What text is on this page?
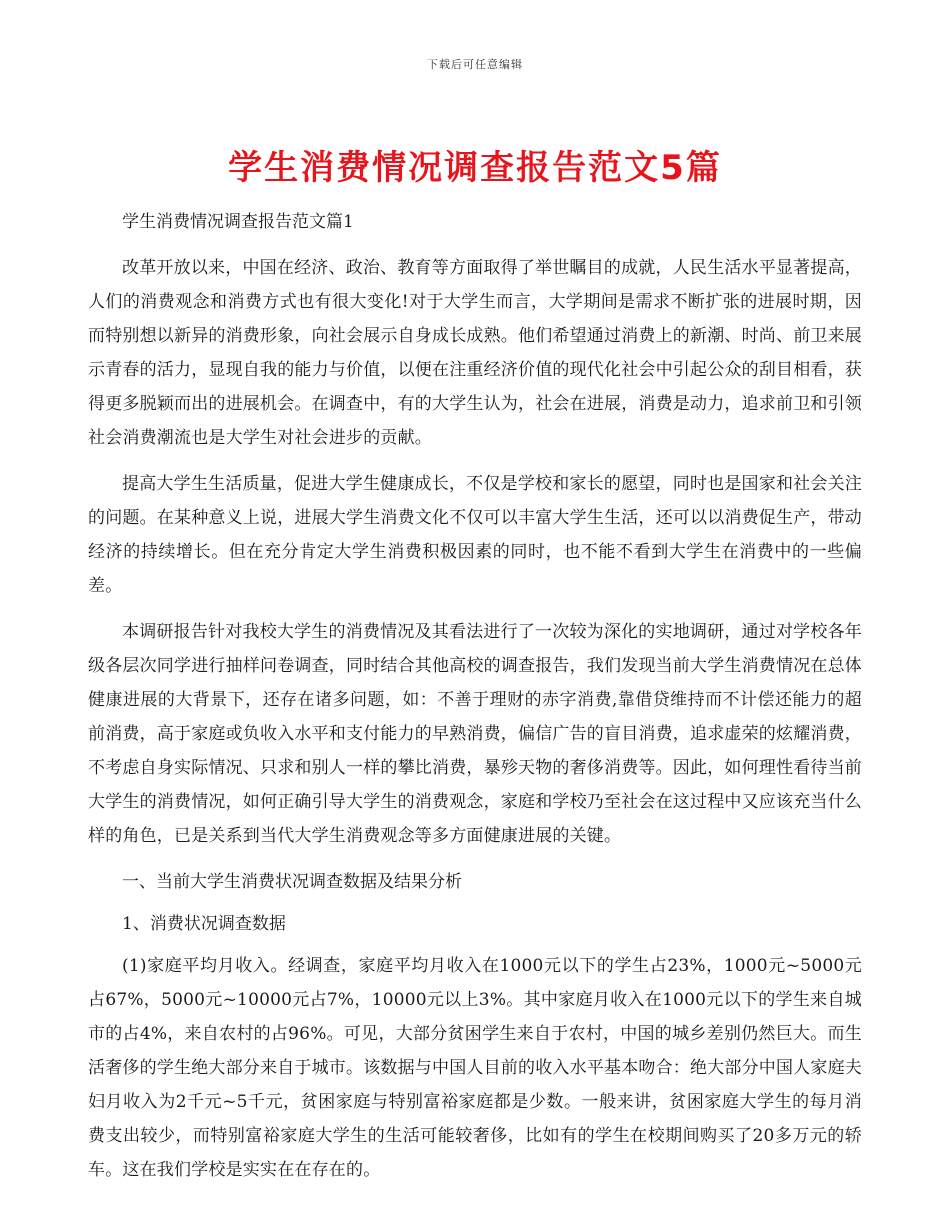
下载后可任意编辑
学生消费情况调查报告范文5篇

学生消费情况调查报告范文篇1

改革开放以来，中国在经济、政治、教育等方面取得了举世瞩目的成就，人民生活水平显著提高，人们的消费观念和消费方式也有很大变化!对于大学生而言，大学期间是需求不断扩张的进展时期，因而特别想以新异的消费形象，向社会展示自身成长成熟。他们希望通过消费上的新潮、时尚、前卫来展示青春的活力，显现自我的能力与价值，以便在注重经济价值的现代化社会中引起公众的刮目相看，获得更多脱颖而出的进展机会。在调查中，有的大学生认为，社会在进展，消费是动力，追求前卫和引领社会消费潮流也是大学生对社会进步的贡献。

提高大学生生活质量，促进大学生健康成长，不仅是学校和家长的愿望，同时也是国家和社会关注的问题。在某种意义上说，进展大学生消费文化不仅可以丰富大学生生活，还可以以消费促生产，带动经济的持续增长。但在充分肯定大学生消费积极因素的同时，也不能不看到大学生在消费中的一些偏差。

本调研报告针对我校大学生的消费情况及其看法进行了一次较为深化的实地调研，通过对学校各年级各层次同学进行抽样问卷调查，同时结合其他高校的调查报告，我们发现当前大学生消费情况在总体健康进展的大背景下，还存在诸多问题，如：不善于理财的赤字消费,靠借贷维持而不计偿还能力的超前消费，高于家庭或负收入水平和支付能力的早熟消费，偏信广告的盲目消费，追求虚荣的炫耀消费，不考虑自身实际情况、只求和别人一样的攀比消费，暴殄天物的奢侈消费等。因此，如何理性看待当前大学生的消费情况，如何正确引导大学生的消费观念，家庭和学校乃至社会在这过程中又应该充当什么样的角色，已是关系到当代大学生消费观念等多方面健康进展的关键。

一、当前大学生消费状况调查数据及结果分析

1、消费状况调查数据

(1)家庭平均月收入。经调查，家庭平均月收入在1000元以下的学生占23%，1000元~5000元占67%，5000元~10000元占7%，10000元以上3%。其中家庭月收入在1000元以下的学生来自城市的占4%，来自农村的占96%。可见，大部分贫困学生来自于农村，中国的城乡差别仍然巨大。而生活奢侈的学生绝大部分来自于城市。该数据与中国人目前的收入水平基本吻合：绝大部分中国人家庭夫妇月收入为2千元~5千元，贫困家庭与特别富裕家庭都是少数。一般来讲，贫困家庭大学生的每月消费支出较少，而特别富裕家庭大学生的生活可能较奢侈，比如有的学生在校期间购买了20多万元的轿车。这在我们学校是实实在在存在的。
